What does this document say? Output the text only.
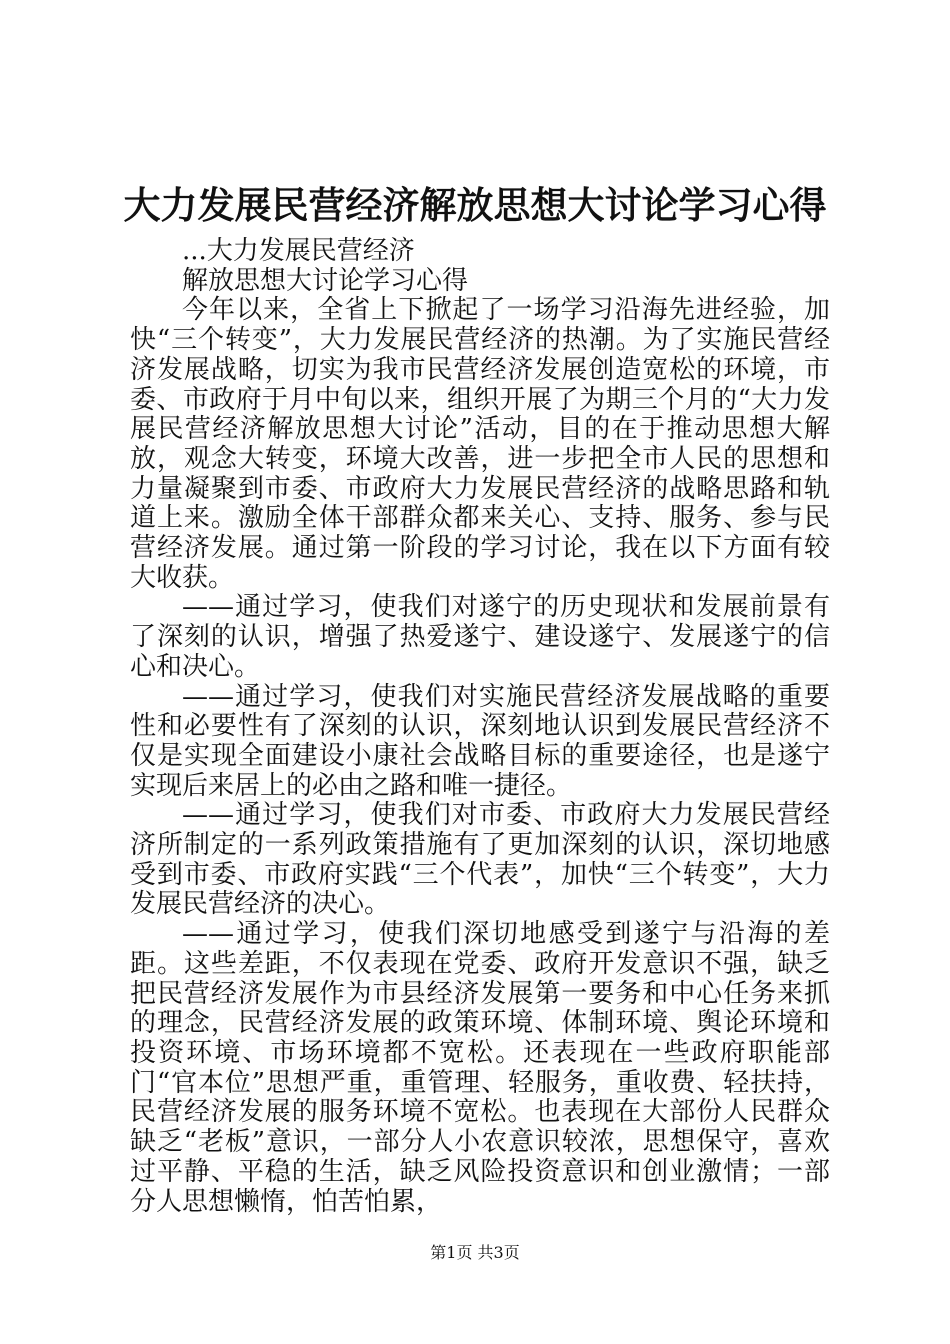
大力发展民营经济解放思想大讨论学习心得

...大力发展民营经济

解放思想大讨论学习心得

今年以来，全省上下掀起了一场学习沿海先进经验，加快“三个转变”，大力发展民营经济的热潮。为了实施民营经济发展战略，切实为我市民营经济发展创造宽松的环境，市委、市政府于月中旬以来，组织开展了为期三个月的“大力发展民营经济解放思想大讨论”活动，目的在于推动思想大解放，观念大转变，环境大改善，进一步把全市人民的思想和力量凝聚到市委、市政府大力发展民营经济的战略思路和轨道上来。激励全体干部群众都来关心、支持、服务、参与民营经济发展。通过第一阶段的学习讨论，我在以下方面有较大收获。

——通过学习，使我们对遂宁的历史现状和发展前景有了深刻的认识，增强了热爱遂宁、建设遂宁、发展遂宁的信心和决心。

——通过学习，使我们对实施民营经济发展战略的重要性和必要性有了深刻的认识，深刻地认识到发展民营经济不仅是实现全面建设小康社会战略目标的重要途径，也是遂宁实现后来居上的必由之路和唯一捷径。

——通过学习，使我们对市委、市政府大力发展民营经济所制定的一系列政策措施有了更加深刻的认识，深切地感受到市委、市政府实践“三个代表”，加快“三个转变”，大力发展民营经济的决心。

——通过学习，使我们深切地感受到遂宁与沿海的差距。这些差距，不仅表现在党委、政府开发意识不强，缺乏把民营经济发展作为市县经济发展第一要务和中心任务来抓的理念，民营经济发展的政策环境、体制环境、舆论环境和投资环境、市场环境都不宽松。还表现在一些政府职能部门“官本位”思想严重，重管理、轻服务，重收费、轻扶持，民营经济发展的服务环境不宽松。也表现在大部份人民群众缺乏“老板”意识，一部分人小农意识较浓，思想保守，喜欢过平静、平稳的生活，缺乏风险投资意识和创业激情；一部分人思想懒惰，怕苦怕累，

第1页 共3页
